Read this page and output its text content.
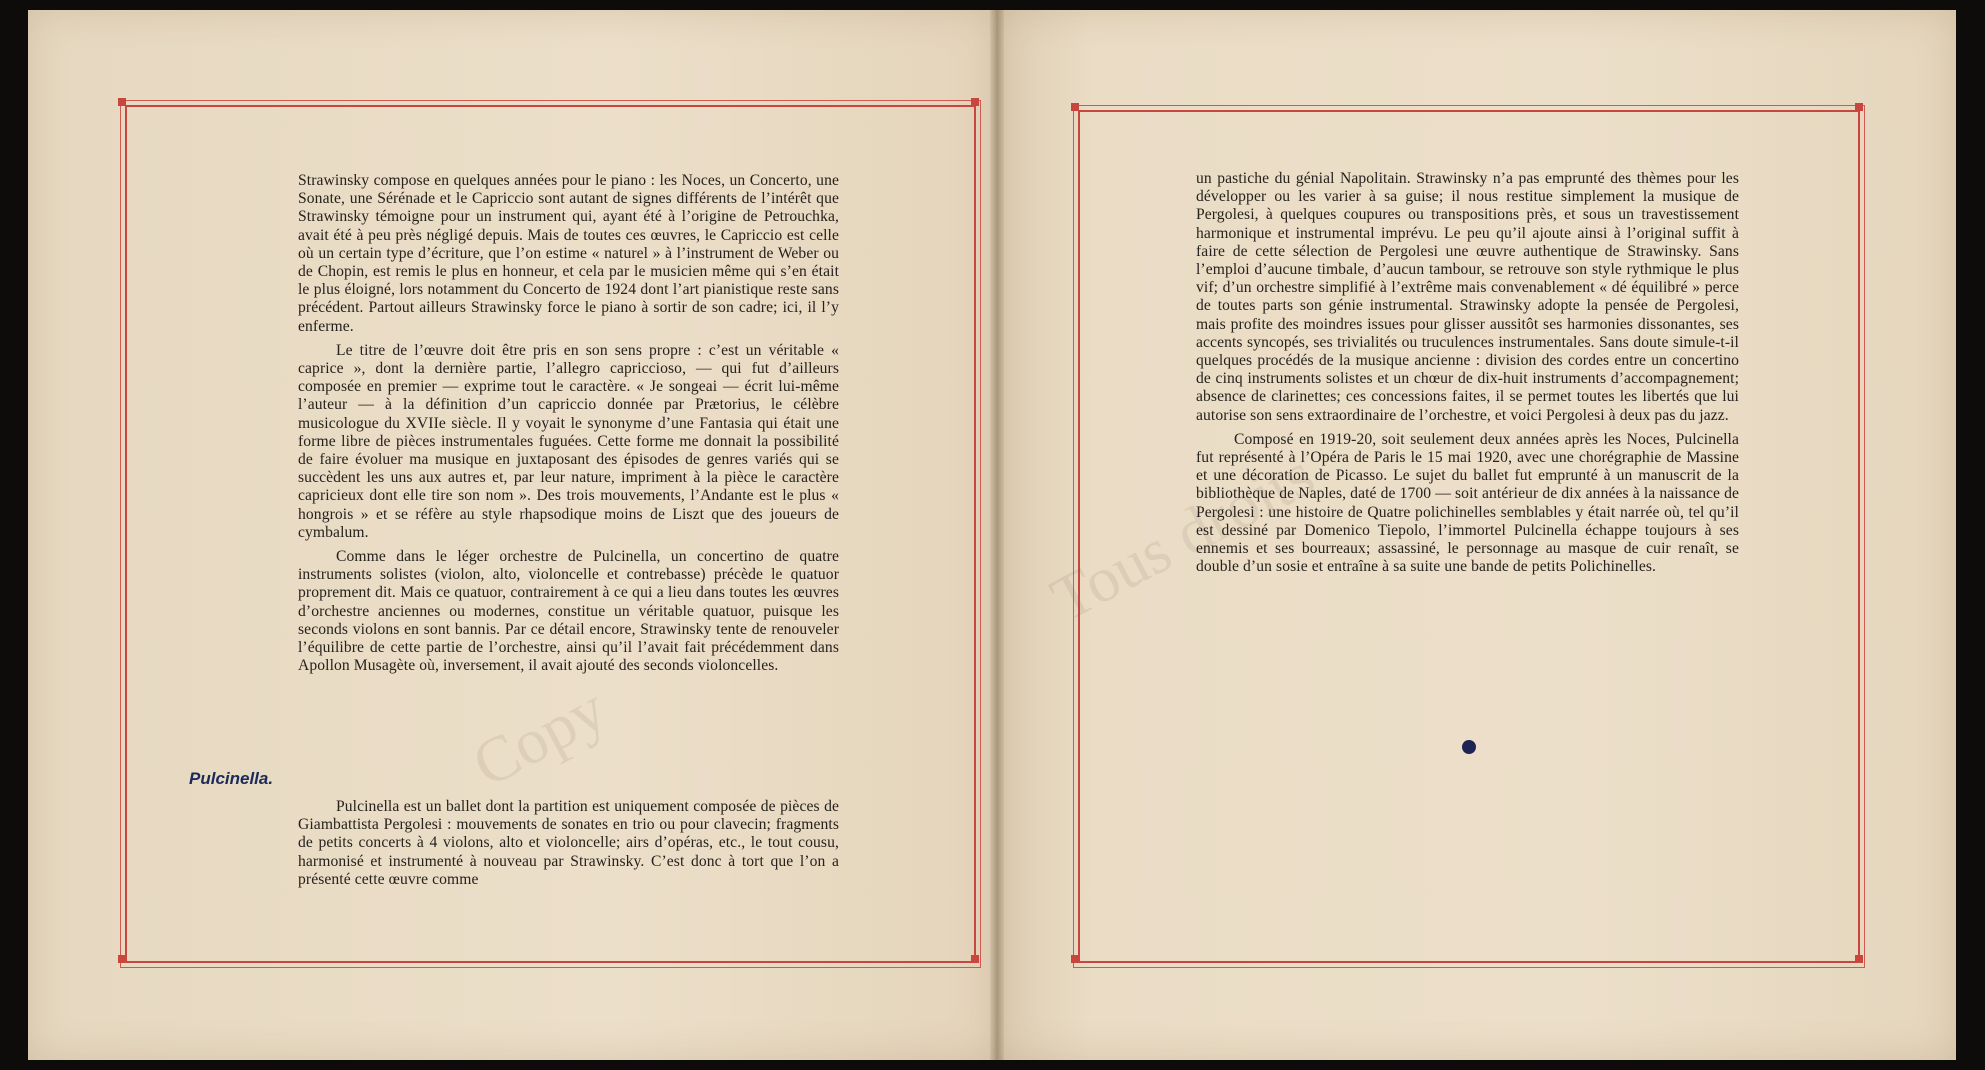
Strawinsky compose en quelques années pour le piano : les Noces, un Concerto, une Sonate, une Sérénade et le Capriccio sont autant de signes différents de l’intérêt que Strawinsky témoigne pour un instrument qui, ayant été à l’origine de Petrouchka, avait été à peu près négligé depuis. Mais de toutes ces œuvres, le Capriccio est celle où un certain type d’écriture, que l’on estime « naturel » à l’instrument de Weber ou de Chopin, est remis le plus en honneur, et cela par le musicien même qui s’en était le plus éloigné, lors notamment du Concerto de 1924 dont l’art pianistique reste sans précédent. Partout ailleurs Strawinsky force le piano à sortir de son cadre; ici, il l’y enferme.

Le titre de l’œuvre doit être pris en son sens propre : c’est un véritable « caprice », dont la dernière partie, l’allegro capriccioso, — qui fut d’ailleurs composée en premier — exprime tout le caractère. « Je songeai — écrit lui-même l’auteur — à la définition d’un capriccio donnée par Prætorius, le célèbre musicologue du XVIIe siècle. Il y voyait le synonyme d’une Fantasia qui était une forme libre de pièces instrumentales fuguées. Cette forme me donnait la possibilité de faire évoluer ma musique en juxtaposant des épisodes de genres variés qui se succèdent les uns aux autres et, par leur nature, impriment à la pièce le caractère capricieux dont elle tire son nom ». Des trois mouvements, l’Andante est le plus « hongrois » et se réfère au style rhapsodique moins de Liszt que des joueurs de cymbalum.

Comme dans le léger orchestre de Pulcinella, un concertino de quatre instruments solistes (violon, alto, violoncelle et contrebasse) précède le quatuor proprement dit. Mais ce quatuor, contrairement à ce qui a lieu dans toutes les œuvres d’orchestre anciennes ou modernes, constitue un véritable quatuor, puisque les seconds violons en sont bannis. Par ce détail encore, Strawinsky tente de renouveler l’équilibre de cette partie de l’orchestre, ainsi qu’il l’avait fait précédemment dans Apollon Musagète où, inversement, il avait ajouté des seconds violoncelles.

Pulcinella.

Pulcinella est un ballet dont la partition est uniquement composée de pièces de Giambattista Pergolesi : mouvements de sonates en trio ou pour clavecin; fragments de petits concerts à 4 violons, alto et violoncelle; airs d’opéras, etc., le tout cousu, harmonisé et instrumenté à nouveau par Strawinsky. C’est donc à tort que l’on a présenté cette œuvre comme

un pastiche du génial Napolitain. Strawinsky n’a pas emprunté des thèmes pour les développer ou les varier à sa guise; il nous restitue simplement la musique de Pergolesi, à quelques coupures ou transpositions près, et sous un travestissement harmonique et instrumental imprévu. Le peu qu’il ajoute ainsi à l’original suffit à faire de cette sélection de Pergolesi une œuvre authentique de Strawinsky. Sans l’emploi d’aucune timbale, d’aucun tambour, se retrouve son style rythmique le plus vif; d’un orchestre simplifié à l’extrême mais convenablement « dé équilibré » perce de toutes parts son génie instrumental. Strawinsky adopte la pensée de Pergolesi, mais profite des moindres issues pour glisser aussitôt ses harmonies dissonantes, ses accents syncopés, ses trivialités ou truculences instrumentales. Sans doute simule-t-il quelques procédés de la musique ancienne : division des cordes entre un concertino de cinq instruments solistes et un chœur de dix-huit instruments d’accompagnement; absence de clarinettes; ces concessions faites, il se permet toutes les libertés que lui autorise son sens extraordinaire de l’orchestre, et voici Pergolesi à deux pas du jazz.

Composé en 1919-20, soit seulement deux années après les Noces, Pulcinella fut représenté à l’Opéra de Paris le 15 mai 1920, avec une chorégraphie de Massine et une décoration de Picasso. Le sujet du ballet fut emprunté à un manuscrit de la bibliothèque de Naples, daté de 1700 — soit antérieur de dix années à la naissance de Pergolesi : une histoire de Quatre polichinelles semblables y était narrée où, tel qu’il est dessiné par Domenico Tiepolo, l’immortel Pulcinella échappe toujours à ses ennemis et ses bourreaux; assassiné, le personnage au masque de cuir renaît, se double d’un sosie et entraîne à sa suite une bande de petits Polichinelles.
